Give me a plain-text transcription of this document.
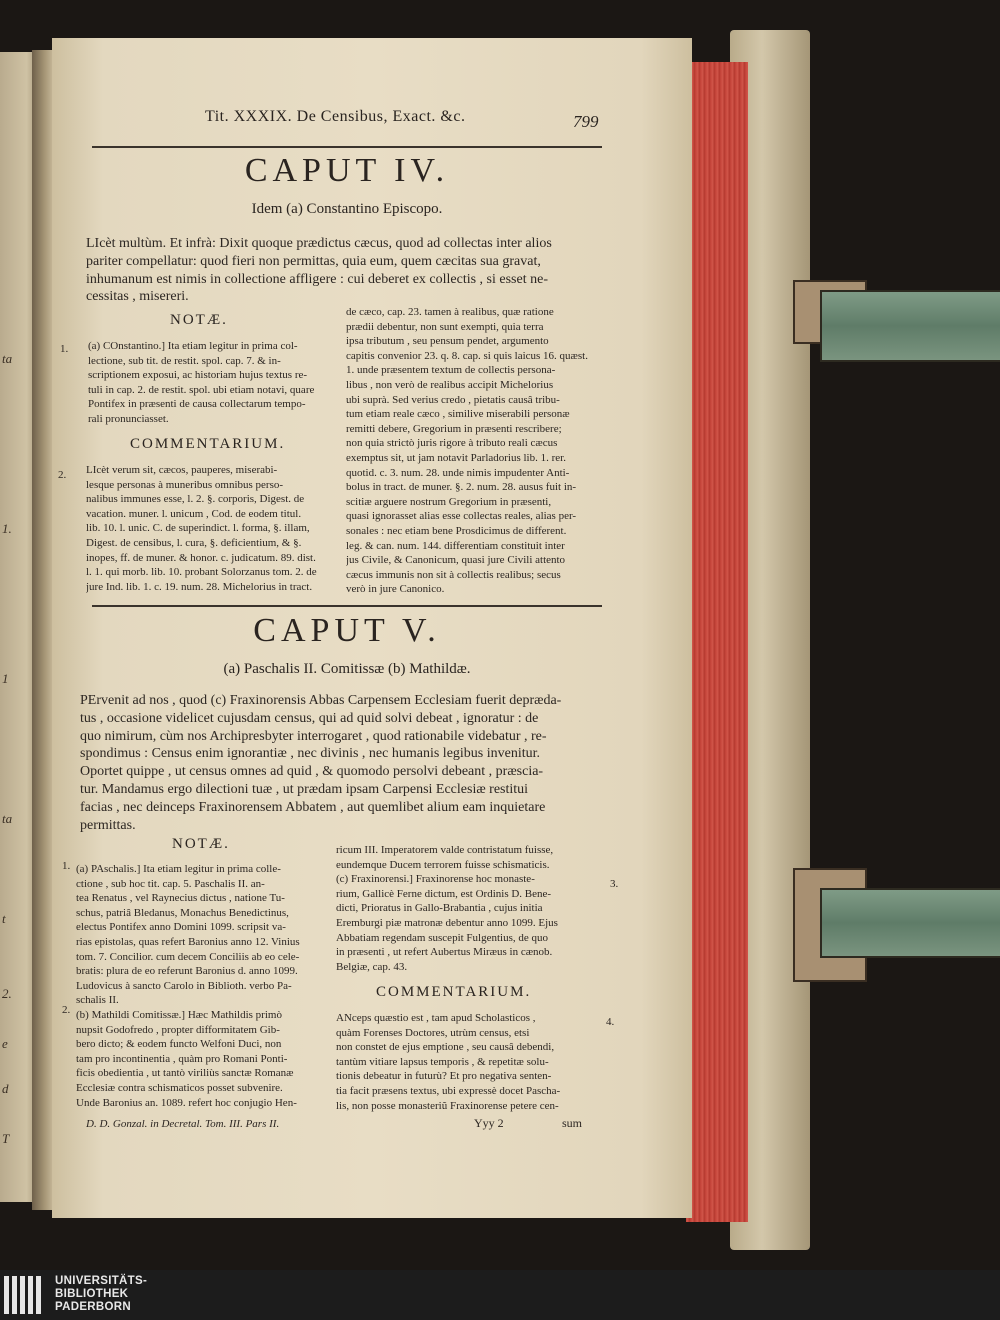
ta
1.
1
ta
t
2.
e
d
T
Tit. XXXIX. De Censibus, Exact. &c.	799
CAPUT IV.
Idem (a) Constantino Episcopo.
LIcèt multùm. Et infrà: Dixit quoque prædictus cæcus, quod ad collectas inter alios
pariter compellatur: quod fieri non permittas, quia eum, quem cæcitas sua gravat,
inhumanum est nimis in collectione affligere : cui deberet ex collectis , si esset ne-
cessitas , misereri.
NOTÆ.
1. (a) COnstantino.] Ita etiam legitur in prima col-
lectione, sub tit. de restit. spol. cap. 7. & in-
scriptionem exposui, ac historiam hujus textus re-
tuli in cap. 2. de restit. spol. ubi etiam notavi, quare
Pontifex in præsenti de causa collectarum tempo-
rali pronunciasset.
COMMENTARIUM.
2. LIcèt verum sit, cæcos, pauperes, miserabi-
lesque personas à muneribus omnibus perso-
nalibus immunes esse, l. 2. §. corporis, Digest. de
vacation. muner. l. unicum , Cod. de eodem titul.
lib. 10. l. unic. C. de superindict. l. forma, §. illam,
Digest. de censibus, l. cura, §. deficientium, & §.
inopes, ff. de muner. & honor. c. judicatum. 89. dist.
l. 1. qui morb. lib. 10. probant Solorzanus tom. 2. de
jure Ind. lib. 1. c. 19. num. 28. Michelorius in tract.
de cæco, cap. 23. tamen à realibus, quæ ratione
prædii debentur, non sunt exempti, quia terra
ipsa tributum , seu pensum pendet, argumento
capitis convenior 23. q. 8. cap. si quis laicus 16. quæst.
1. unde præsentem textum de collectis persona-
libus , non verò de realibus accipit Michelorius
ubi suprà. Sed verius credo , pietatis causâ tribu-
tum etiam reale cæco , similive miserabili personæ
remitti debere, Gregorium in præsenti rescribere;
non quia strictò juris rigore à tributo reali cæcus
exemptus sit, ut jam notavit Parladorius lib. 1. rer.
quotid. c. 3. num. 28. unde nimis impudenter Anti-
bolus in tract. de muner. §. 2. num. 28. ausus fuit in-
scitiæ arguere nostrum Gregorium in præsenti,
quasi ignorasset alias esse collectas reales, alias per-
sonales : nec etiam bene Prosdicimus de different.
leg. & can. num. 144. differentiam constituit inter
jus Civile, & Canonicum, quasi jure Civili attento
cæcus immunis non sit à collectis realibus; secus
verò in jure Canonico.
CAPUT V.
(a) Paschalis II. Comitissæ (b) Mathildæ.
PErvenit ad nos , quod (c) Fraxinorensis Abbas Carpensem Ecclesiam fuerit deprædа-
tus , occasione videlicet cujusdam census, qui ad quid solvi debeat , ignoratur : de
quo nimirum, cùm nos Archipresbyter interrogaret , quod rationabile videbatur , re-
spondimus : Census enim ignorantiæ , nec divinis , nec humanis legibus invenitur.
Oportet quippe , ut census omnes ad quid , & quomodo persolvi debeant , præscia-
tur. Mandamus ergo dilectioni tuæ , ut prædam ipsam Carpensi Ecclesiæ restitui
facias , nec deinceps Fraxinorensem Abbatem , aut quemlibet alium eam inquietare
permittas.
NOTÆ.
1.
2.
(a) PAschalis.] Ita etiam legitur in prima colle-
ctione , sub hoc tit. cap. 5. Paschalis II. an-
tea Renatus , vel Raynecius dictus , natione Tu-
schus, patriâ Bledanus, Monachus Benedictinus,
electus Pontifex anno Domini 1099. scripsit va-
rias epistolas, quas refert Baronius anno 12. Vinius
tom. 7. Concilior. cum decem Conciliis ab eo cele-
bratis: plura de eo referunt Baronius d. anno 1099.
Ludovicus à sancto Carolo in Biblioth. verbo Pa-
schalis II.
(b) Mathildi Comitissæ.] Hæc Mathildis primò
nupsit Godofredo , propter difformitatem Gib-
bero dicto; & eodem functo Welfoni Duci, non
tam pro incontinentia , quàm pro Romani Ponti-
ficis obedientia , ut tantò viriliùs sanctæ Romanæ
Ecclesiæ contra schismaticos posset subvenire.
Unde Baronius an. 1089. refert hoc conjugio Hen-
D. D. Gonzal. in Decretal. Tom. III. Pars II.
ricum III. Imperatorem valde contristatum fuisse,
eundemque Ducem terrorem fuisse schismaticis.
(c) Fraxinorensi.] Fraxinorense hoc monaste-
rium, Gallicè Ferne dictum, est Ordinis D. Bene-
dicti, Prioratus in Gallo-Brabantia , cujus initia
Eremburgi piæ matronæ debentur anno 1099. Ejus
Abbatiam regendam suscepit Fulgentius, de quo
in præsenti , ut refert Aubertus Miræus in cænob.
Belgiæ, cap. 43.
3.
COMMENTARIUM.
4.
ANceps quæstio est , tam apud Scholasticos ,
quàm Forenses Doctores, utrùm census, etsi
non constet de ejus emptione , seu causâ debendi,
tantùm vitiare lapsus temporis , & repetitæ solu-
tionis debeatur in futurù? Et pro negativa senten-
tia facit præsens textus, ubi expressè docet Pascha-
lis, non posse monasteriũ Fraxinorense petere cen-
Yyy 2	sum
UNIVERSITÄTS-
BIBLIOTHEK
PADERBORN
